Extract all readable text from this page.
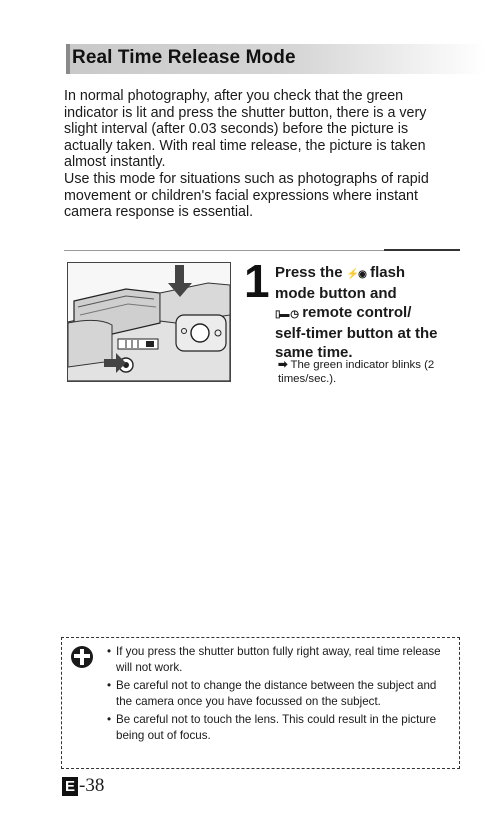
Real Time Release Mode

In normal photography, after you check that the green indicator is lit and press the shutter button, there is a very slight interval (after 0.03 seconds) before the picture is actually taken. With real time release, the picture is taken almost instantly.

Use this mode for situations such as photographs of rapid movement or children's facial expressions where instant camera response is essential.

1 Press the ⚡◉ flash
mode button and
▯▬ ◷ remote control/
self-timer button at the
same time.
➡ The green indicator blinks (2 times/sec.).
• If you press the shutter button fully right away, real time release will not work.
• Be careful not to change the distance between the subject and the camera once you have focussed on the subject.
• Be careful not to touch the lens. This could result in the picture being out of focus.
E -38
